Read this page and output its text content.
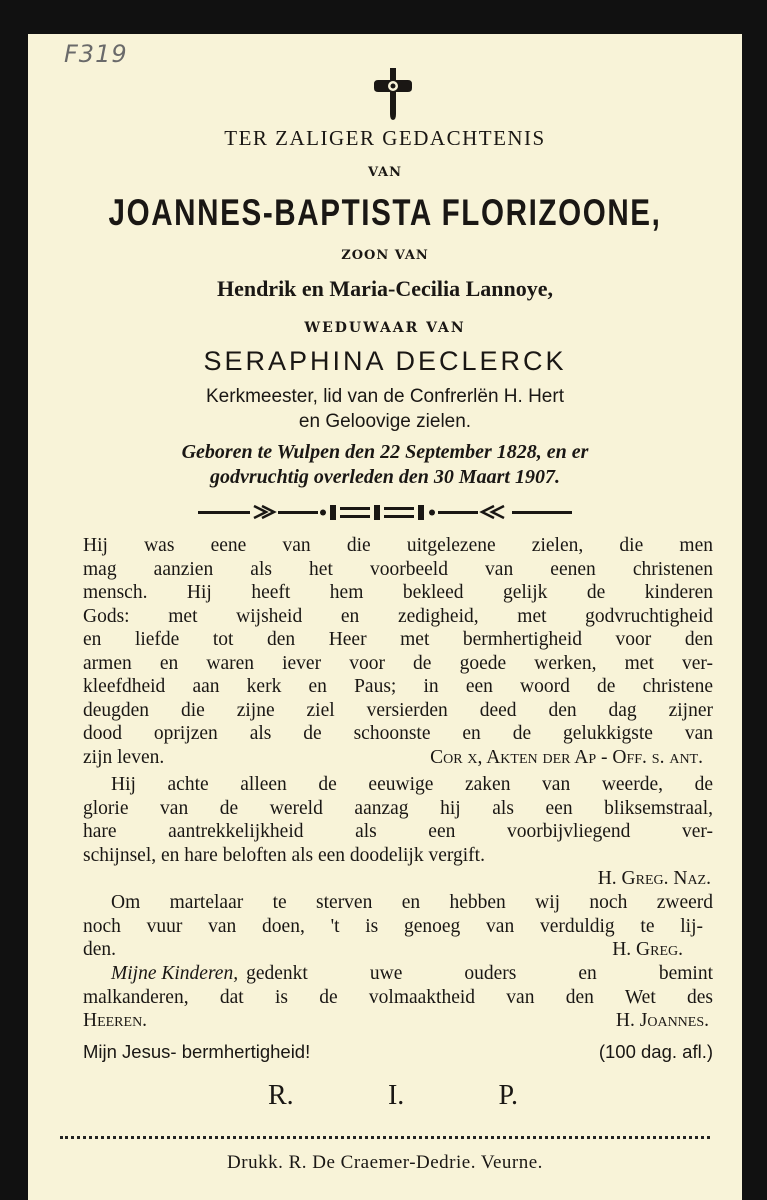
F319
TER ZALIGER GEDACHTENIS
VAN
JOANNES-BAPTISTA FLORIZOONE,
ZOON VAN
Hendrik en Maria-Cecilia Lannoye,
WEDUWAAR VAN
SERAPHINA DECLERCK
Kerkmeester, lid van de Confrerlën H. Hert
en Geloovige zielen.
Geboren te Wulpen den 22 September 1828, en er
godvruchtig overleden den 30 Maart 1907.
Hij was eene van die uitgelezene zielen, die men
mag aanzien als het voorbeeld van eenen christenen
mensch. Hij heeft hem bekleed gelijk de kinderen
Gods: met wijsheid en zedigheid, met godvruchtigheid
en liefde tot den Heer met bermhertigheid voor den
armen en waren iever voor de goede werken, met ver-
kleefdheid aan kerk en Paus; in een woord de christene
deugden die zijne ziel versierden deed den dag zijner
dood oprijzen als de schoonste en de gelukkigste van
zijn leven.	Cor x, Akten der Ap - Off. s. ant.
Hij achte alleen de eeuwige zaken van weerde, de
glorie van de wereld aanzag hij als een bliksemstraal,
hare aantrekkelijkheid als een voorbijvliegend ver-
schijnsel, en hare beloften als een doodelijk vergift.
H. Greg. Naz.
Om martelaar te sterven en hebben wij noch zweerd
noch vuur van doen, 't is genoeg van verduldig te lij-
den.	H. Greg.
Mijne Kinderen, gedenkt uwe ouders en bemint
malkanderen, dat is de volmaaktheid van den Wet des
Heeren.	H. Joannes.
Mijn Jesus- bermhertigheid!	(100 dag. afl.)
R.	I.	P.
Drukk. R. De Craemer-Dedrie. Veurne.
